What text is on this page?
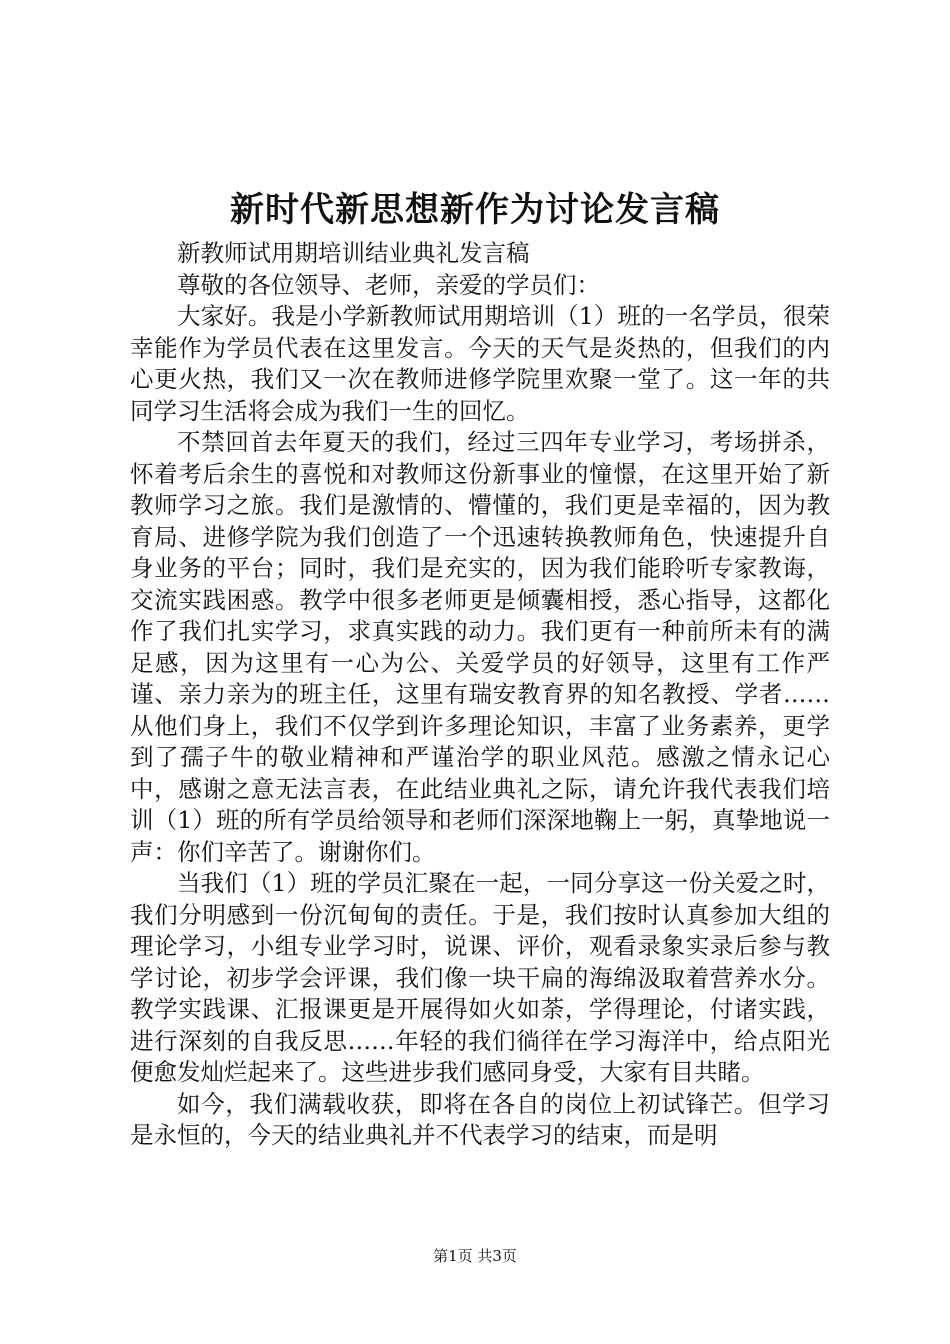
新时代新思想新作为讨论发言稿

新教师试用期培训结业典礼发言稿

尊敬的各位领导、老师，亲爱的学员们：

大家好。我是小学新教师试用期培训（1）班的一名学员，很荣幸能作为学员代表在这里发言。今天的天气是炎热的，但我们的内心更火热，我们又一次在教师进修学院里欢聚一堂了。这一年的共同学习生活将会成为我们一生的回忆。

不禁回首去年夏天的我们，经过三四年专业学习，考场拼杀，怀着考后余生的喜悦和对教师这份新事业的憧憬，在这里开始了新教师学习之旅。我们是激情的、懵懂的，我们更是幸福的，因为教育局、进修学院为我们创造了一个迅速转换教师角色，快速提升自身业务的平台；同时，我们是充实的，因为我们能聆听专家教诲，交流实践困惑。教学中很多老师更是倾囊相授，悉心指导，这都化作了我们扎实学习，求真实践的动力。我们更有一种前所未有的满足感，因为这里有一心为公、关爱学员的好领导，这里有工作严谨、亲力亲为的班主任，这里有瑞安教育界的知名教授、学者……从他们身上，我们不仅学到许多理论知识，丰富了业务素养，更学到了孺子牛的敬业精神和严谨治学的职业风范。感激之情永记心中，感谢之意无法言表，在此结业典礼之际，请允许我代表我们培训（1）班的所有学员给领导和老师们深深地鞠上一躬，真挚地说一声：你们辛苦了。谢谢你们。

当我们（1）班的学员汇聚在一起，一同分享这一份关爱之时，我们分明感到一份沉甸甸的责任。于是，我们按时认真参加大组的理论学习，小组专业学习时，说课、评价，观看录象实录后参与教学讨论，初步学会评课，我们像一块干扁的海绵汲取着营养水分。教学实践课、汇报课更是开展得如火如荼，学得理论，付诸实践，进行深刻的自我反思……年轻的我们徜徉在学习海洋中，给点阳光便愈发灿烂起来了。这些进步我们感同身受，大家有目共睹。

如今，我们满载收获，即将在各自的岗位上初试锋芒。但学习是永恒的，今天的结业典礼并不代表学习的结束，而是明

第1页 共3页
